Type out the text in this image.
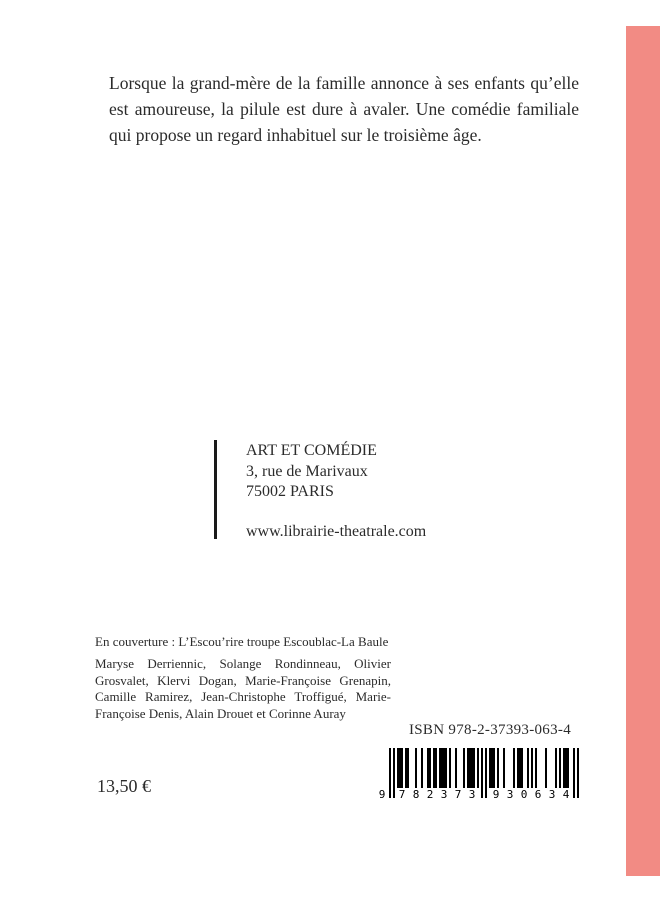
Lorsque la grand-mère de la famille annonce à ses enfants qu’elle est amoureuse, la pilule est dure à avaler. Une comédie familiale qui propose un regard inhabituel sur le troisième âge.

ART ET COMÉDIE
3, rue de Marivaux
75002 PARIS
www.librairie-theatrale.com
En couverture : L’Escou’rire troupe Escoublac-La Baule

Maryse Derriennic, Solange Rondinneau, Olivier Grosvalet, Klervi Dogan, Marie-Françoise Grenapin, Camille Ramirez, Jean-Christophe Troffigué, Marie-Françoise Denis, Alain Drouet et Corinne Auray

ISBN 978-2-37393-063-4
13,50 €	9 7 8 2 3 7 3 9 3 0 6 3 4
